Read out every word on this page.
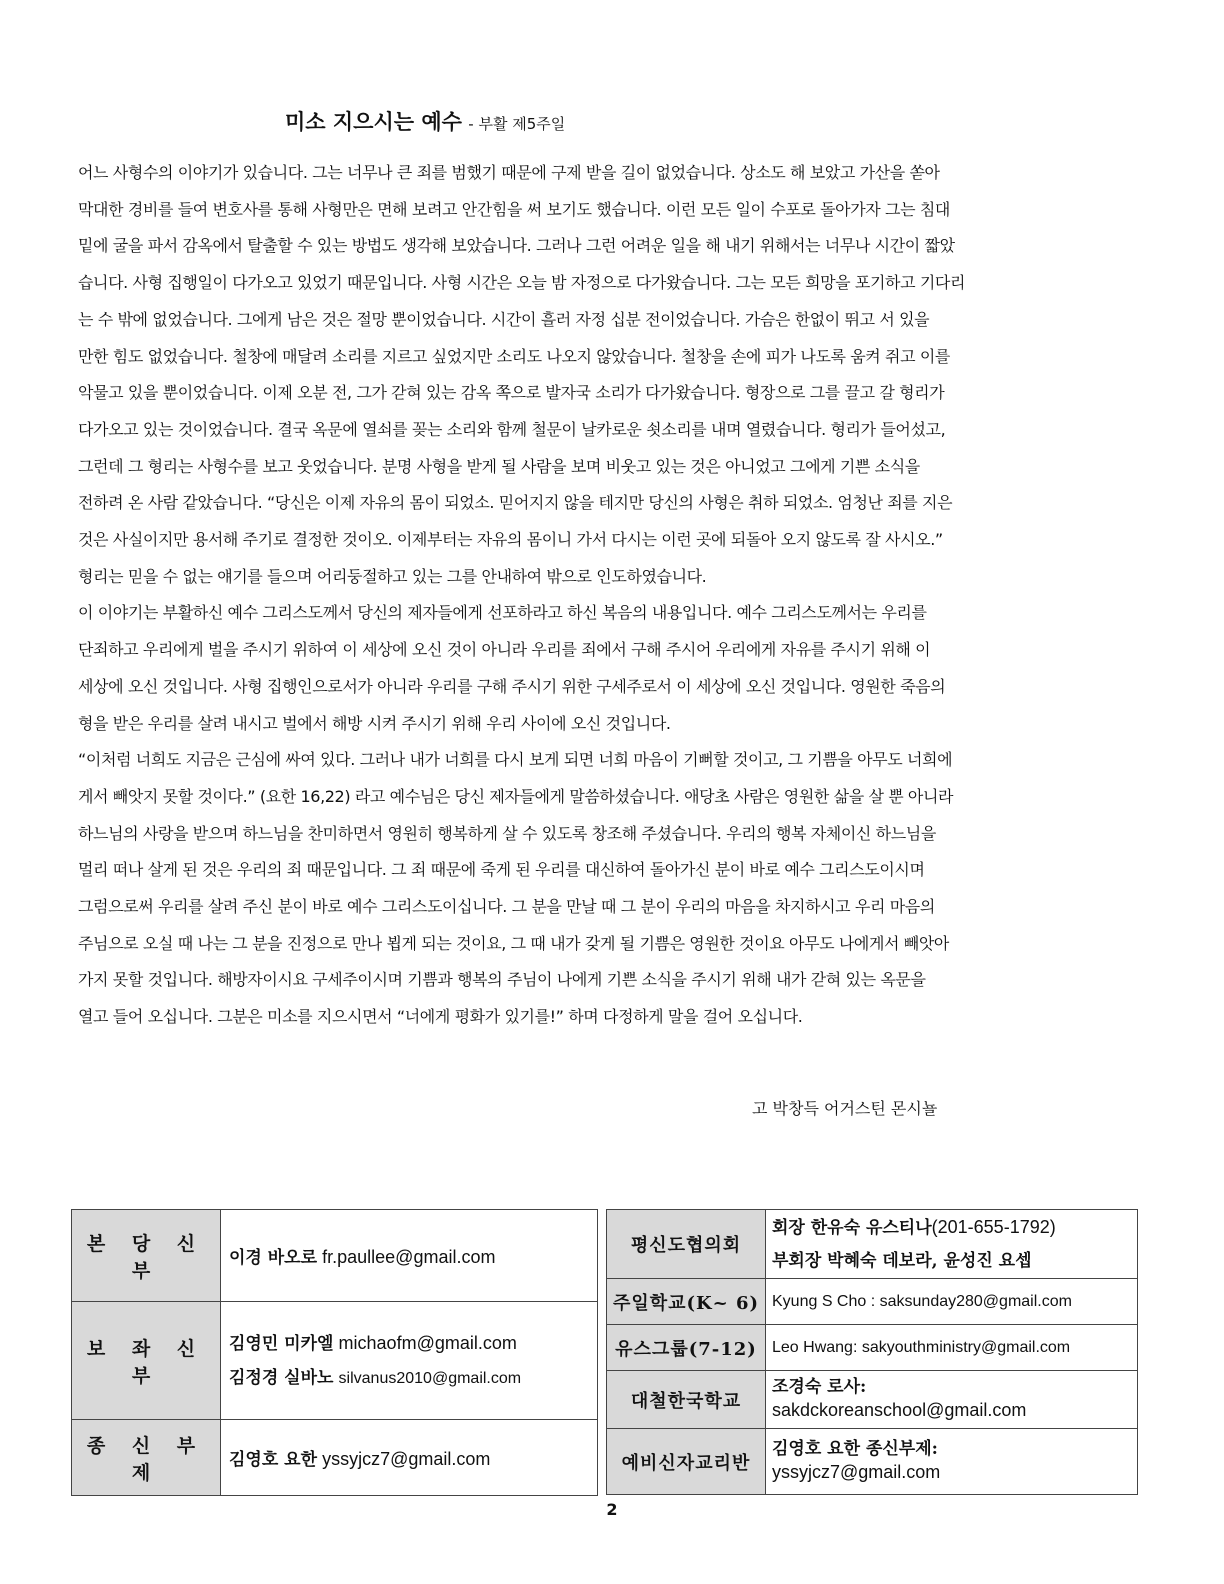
미소 지으시는 예수 - 부활 제5주일
어느 사형수의 이야기가 있습니다. 그는 너무나 큰 죄를 범했기 때문에 구제 받을 길이 없었습니다. 상소도 해 보았고 가산을 쏟아
막대한 경비를 들여 변호사를 통해 사형만은 면해 보려고 안간힘을 써 보기도 했습니다. 이런 모든 일이 수포로 돌아가자 그는 침대
밑에 굴을 파서 감옥에서 탈출할 수 있는 방법도 생각해 보았습니다. 그러나 그런 어려운 일을 해 내기 위해서는 너무나 시간이 짧았
습니다. 사형 집행일이 다가오고 있었기 때문입니다. 사형 시간은 오늘 밤 자정으로 다가왔습니다. 그는 모든 희망을 포기하고 기다리
는 수 밖에 없었습니다. 그에게 남은 것은 절망 뿐이었습니다. 시간이 흘러 자정 십분 전이었습니다. 가슴은 한없이 뛰고 서 있을
만한 힘도 없었습니다. 철창에 매달려 소리를 지르고 싶었지만 소리도 나오지 않았습니다. 철창을 손에 피가 나도록 움켜 쥐고 이를
악물고 있을 뿐이었습니다. 이제 오분 전, 그가 갇혀 있는 감옥 쪽으로 발자국 소리가 다가왔습니다. 형장으로 그를 끌고 갈 형리가
다가오고 있는 것이었습니다. 결국 옥문에 열쇠를 꽂는 소리와 함께 철문이 날카로운 쇳소리를 내며 열렸습니다. 형리가 들어섰고,
그런데 그 형리는 사형수를 보고 웃었습니다. 분명 사형을 받게 될 사람을 보며 비웃고 있는 것은 아니었고 그에게 기쁜 소식을
전하려 온 사람 같았습니다. “당신은 이제 자유의 몸이 되었소. 믿어지지 않을 테지만 당신의 사형은 취하 되었소. 엄청난 죄를 지은
것은 사실이지만 용서해 주기로 결정한 것이오. 이제부터는 자유의 몸이니 가서 다시는 이런 곳에 되돌아 오지 않도록 잘 사시오.”
형리는 믿을 수 없는 얘기를 들으며 어리둥절하고 있는 그를 안내하여 밖으로 인도하였습니다.
이 이야기는 부활하신 예수 그리스도께서 당신의 제자들에게 선포하라고 하신 복음의 내용입니다. 예수 그리스도께서는 우리를
단죄하고 우리에게 벌을 주시기 위하여 이 세상에 오신 것이 아니라 우리를 죄에서 구해 주시어 우리에게 자유를 주시기 위해 이
세상에 오신 것입니다. 사형 집행인으로서가 아니라 우리를 구해 주시기 위한 구세주로서 이 세상에 오신 것입니다. 영원한 죽음의
형을 받은 우리를 살려 내시고 벌에서 해방 시켜 주시기 위해 우리 사이에 오신 것입니다.
“이처럼 너희도 지금은 근심에 싸여 있다. 그러나 내가 너희를 다시 보게 되면 너희 마음이 기뻐할 것이고, 그 기쁨을 아무도 너희에
게서 빼앗지 못할 것이다.” (요한 16,22) 라고 예수님은 당신 제자들에게 말씀하셨습니다. 애당초 사람은 영원한 삶을 살 뿐 아니라
하느님의 사랑을 받으며 하느님을 찬미하면서 영원히 행복하게 살 수 있도록 창조해 주셨습니다. 우리의 행복 자체이신 하느님을
멀리 떠나 살게 된 것은 우리의 죄 때문입니다. 그 죄 때문에 죽게 된 우리를 대신하여 돌아가신 분이 바로 예수 그리스도이시며
그럼으로써 우리를 살려 주신 분이 바로 예수 그리스도이십니다. 그 분을 만날 때 그 분이 우리의 마음을 차지하시고 우리 마음의
주님으로 오실 때 나는 그 분을 진정으로 만나 뵙게 되는 것이요, 그 때 내가 갖게 될 기쁨은 영원한 것이요 아무도 나에게서 빼앗아
가지 못할 것입니다. 해방자이시요 구세주이시며 기쁨과 행복의 주님이 나에게 기쁜 소식을 주시기 위해 내가 갇혀 있는 옥문을
열고 들어 오십니다. 그분은 미소를 지으시면서 “너에게 평화가 있기를!” 하며 다정하게 말을 걸어 오십니다.
고 박창득 어거스틴 몬시뇰
본 당 신 부	이경 바오로 fr.paullee@gmail.com
보 좌 신 부	김영민 미카엘 michaofm@gmail.com
김정경 실바노 silvanus2010@gmail.com

종 신 부 제	김영호 요한 yssyjcz7@gmail.com
평신도협의회	회장 한유숙 유스티나(201-655-1792)
부회장 박혜숙 데보라, 윤성진 요셉

주일학교(K~ 6)	Kyung S Cho : saksunday280@gmail.com
유스그룹(7-12)	Leo Hwang: sakyouthministry@gmail.com
대철한국학교	조경숙 로사:
sakdckoreanschool@gmail.com

예비신자교리반	김영호 요한 종신부제:
yssyjcz7@gmail.com
2
